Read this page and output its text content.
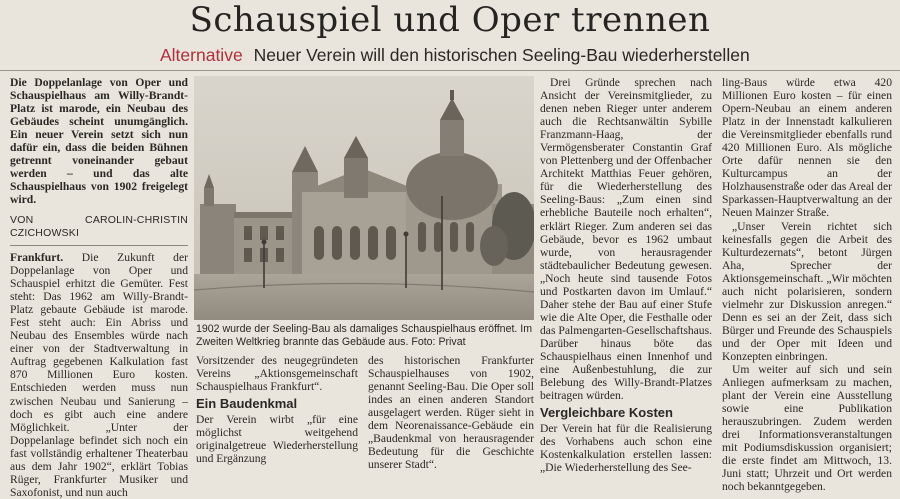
Schauspiel und Oper trennen
Alternative Neuer Verein will den historischen Seeling-Bau wiederherstellen

Die Doppelanlage von Oper und Schauspielhaus am Willy-Brandt-Platz ist marode, ein Neubau des Gebäudes scheint unumgänglich. Ein neuer Verein setzt sich nun dafür ein, dass die beiden Bühnen getrennt voneinander gebaut werden – und das alte Schauspielhaus von 1902 freigelegt wird.

VON CAROLIN-CHRISTIN CZICHOWSKI

Frankfurt. Die Zukunft der Doppelanlage von Oper und Schauspiel erhitzt die Gemüter. Fest steht: Das 1962 am Willy-Brandt-Platz gebaute Gebäude ist marode. Fest steht auch: Ein Abriss und Neubau des Ensembles würde nach einer von der Stadtverwaltung in Auftrag gegebenen Kalkulation fast 870 Millionen Euro kosten. Entschieden werden muss nun zwischen Neubau und Sanierung – doch es gibt auch eine andere Möglichkeit. „Unter der Doppelanlage befindet sich noch ein fast vollständig erhaltener Theaterbau aus dem Jahr 1902“, erklärt Tobias Rüger, Frankfurter Musiker und Saxofonist, und nun auch

1902 wurde der Seeling-Bau als damaliges Schauspielhaus eröffnet. Im Zweiten Weltkrieg brannte das Gebäude aus. Foto: Privat

Vorsitzender des neugegründeten Vereins „Aktionsgemeinschaft Schauspielhaus Frankfurt“.

Ein Baudenkmal

Der Verein wirbt „für eine möglichst weitgehend originalgetreue Wiederherstellung und Ergänzung

des historischen Frankfurter Schauspielhauses von 1902, genannt Seeling-Bau. Die Oper soll indes an einen anderen Standort ausgelagert werden. Rüger sieht in dem Neorenaissance-Gebäude ein „Baudenkmal von herausragender Bedeutung für die Geschichte unserer Stadt“.

Drei Gründe sprechen nach Ansicht der Vereinsmitglieder, zu denen neben Rieger unter anderem auch die Rechtsanwältin Sybille Franzmann-Haag, der Vermögensberater Constantin Graf von Plettenberg und der Offenbacher Architekt Matthias Feuer gehören, für die Wiederherstellung des Seeling-Baus: „Zum einen sind erhebliche Bauteile noch erhalten“, erklärt Rieger. Zum anderen sei das Gebäude, bevor es 1962 umbaut wurde, von herausragender städtebaulicher Bedeutung gewesen. „Noch heute sind tausende Fotos und Postkarten davon im Umlauf.“ Daher stehe der Bau auf einer Stufe wie die Alte Oper, die Festhalle oder das Palmengarten-Gesellschaftshaus. Darüber hinaus böte das Schauspielhaus einen Innenhof und eine Außenbestuhlung, die zur Belebung des Willy-Brandt-Platzes beitragen würden.

Vergleichbare Kosten

Der Verein hat für die Realisierung des Vorhabens auch schon eine Kostenkalkulation erstellen lassen: „Die Wiederherstellung des See-

ling-Baus würde etwa 420 Millionen Euro kosten – für einen Opern-Neubau an einem anderen Platz in der Innenstadt kalkulieren die Vereinsmitglieder ebenfalls rund 420 Millionen Euro. Als mögliche Orte dafür nennen sie den Kulturcampus an der Holzhausenstraße oder das Areal der Sparkassen-Hauptverwaltung an der Neuen Mainzer Straße.

„Unser Verein richtet sich keinesfalls gegen die Arbeit des Kulturdezernats“, betont Jürgen Aha, Sprecher der Aktionsgemeinschaft. „Wir möchten auch nicht polarisieren, sondern vielmehr zur Diskussion anregen.“ Denn es sei an der Zeit, dass sich Bürger und Freunde des Schauspiels und der Oper mit Ideen und Konzepten einbringen.

Um weiter auf sich und sein Anliegen aufmerksam zu machen, plant der Verein eine Ausstellung sowie eine Publikation herauszubringen. Zudem werden drei Informationsveranstaltungen mit Podiumsdiskussion organisiert; die erste findet am Mittwoch, 13. Juni statt; Uhrzeit und Ort werden noch bekanntgegeben.
